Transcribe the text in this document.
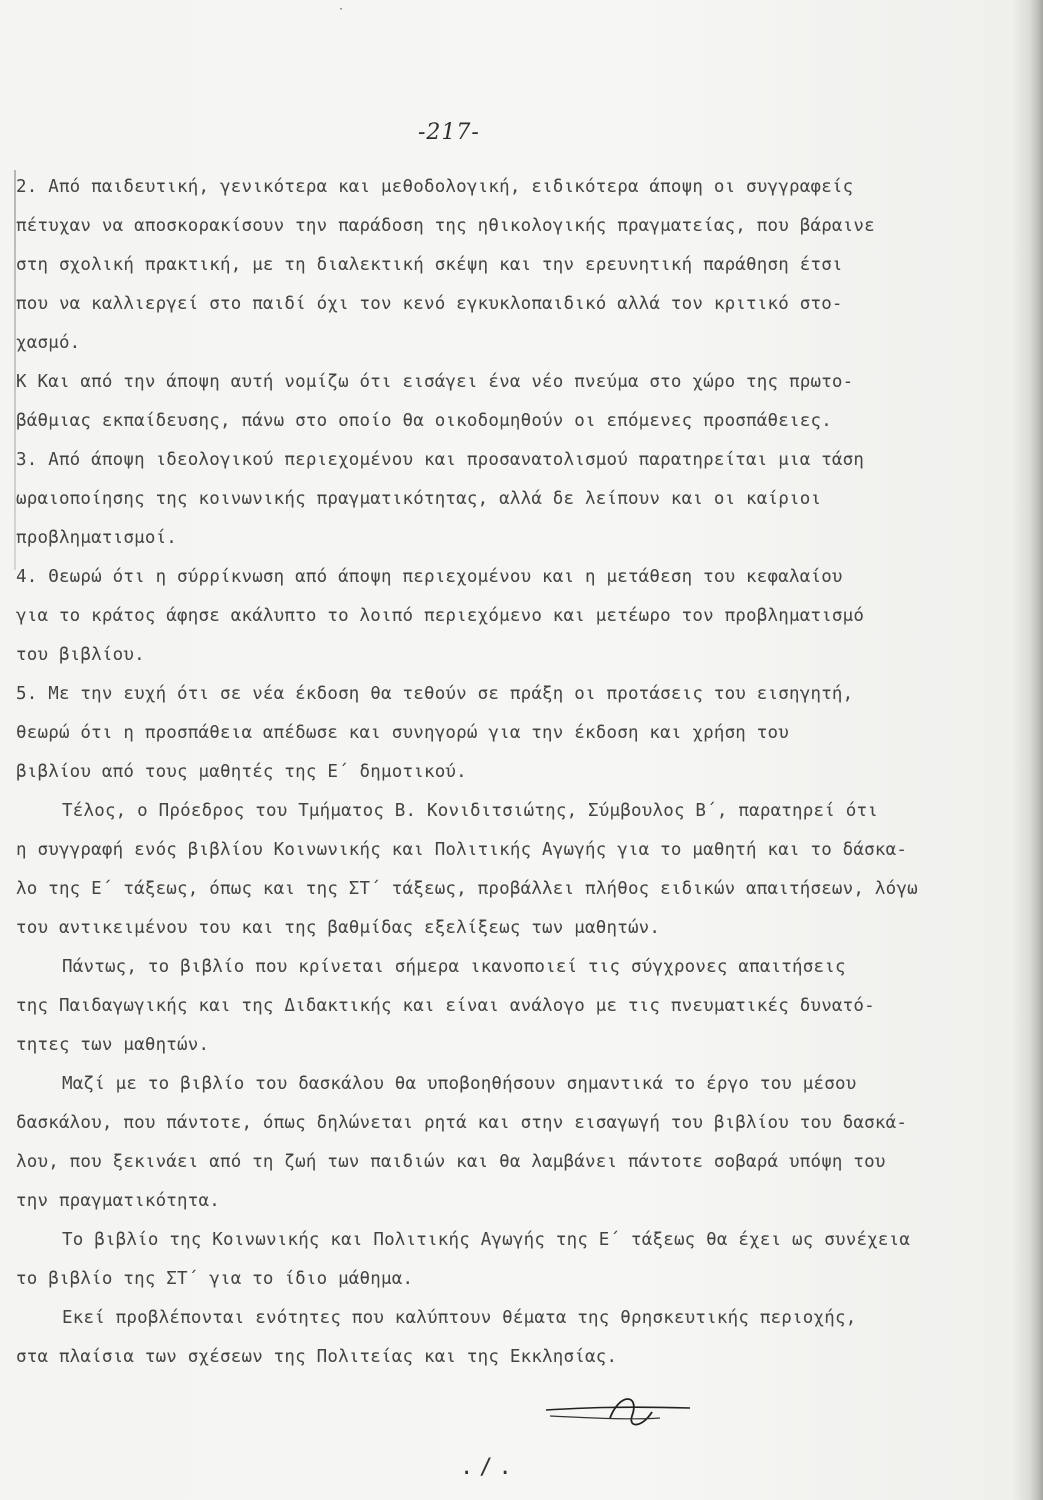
·
-217-
2. Από παιδευτική, γενικότερα και μεθοδολογική, ειδικότερα άποψη οι συγγραφείς
πέτυχαν να αποσκορακίσουν την παράδοση της ηθικολογικής πραγματείας, που βάραινε
στη σχολική πρακτική, με τη διαλεκτική σκέψη και την ερευνητική παράθηση έτσι
που να καλλιεργεί στο παιδί όχι τον κενό εγκυκλοπαιδικό αλλά τον κριτικό στο-
χασμό.
Κ Και από την άποψη αυτή νομίζω ότι εισάγει ένα νέο πνεύμα στο χώρο της πρωτο-
βάθμιας εκπαίδευσης, πάνω στο οποίο θα οικοδομηθούν οι επόμενες προσπάθειες.
3. Από άποψη ιδεολογικού περιεχομένου και προσανατολισμού παρατηρείται μια τάση
ωραιοποίησης της κοινωνικής πραγματικότητας, αλλά δε λείπουν και οι καίριοι
προβληματισμοί.
4. Θεωρώ ότι η σύρρίκνωση από άποψη περιεχομένου και η μετάθεση του κεφαλαίου
για το κράτος άφησε ακάλυπτο το λοιπό περιεχόμενο και μετέωρο τον προβληματισμό
του βιβλίου.
5. Με την ευχή ότι σε νέα έκδοση θα τεθούν σε πράξη οι προτάσεις του εισηγητή,
θεωρώ ότι η προσπάθεια απέδωσε και συνηγορώ για την έκδοση και χρήση του
βιβλίου από τους μαθητές της Ε΄ δημοτικού.
Τέλος, ο Πρόεδρος του Τμήματος Β. Κονιδιτσιώτης, Σύμβουλος Β΄, παρατηρεί ότι
η συγγραφή ενός βιβλίου Κοινωνικής και Πολιτικής Αγωγής για το μαθητή και το δάσκα-
λο της Ε΄ τάξεως, όπως και της ΣΤ΄ τάξεως, προβάλλει πλήθος ειδικών απαιτήσεων, λόγω
του αντικειμένου του και της βαθμίδας εξελίξεως των μαθητών.
Πάντως, το βιβλίο που κρίνεται σήμερα ικανοποιεί τις σύγχρονες απαιτήσεις
της Παιδαγωγικής και της Διδακτικής και είναι ανάλογο με τις πνευματικές δυνατό-
τητες των μαθητών.
Μαζί με το βιβλίο του δασκάλου θα υποβοηθήσουν σημαντικά το έργο του μέσου
δασκάλου, που πάντοτε, όπως δηλώνεται ρητά και στην εισαγωγή του βιβλίου του δασκά-
λου, που ξεκινάει από τη ζωή των παιδιών και θα λαμβάνει πάντοτε σοβαρά υπόψη του
την πραγματικότητα.
Το βιβλίο της Κοινωνικής και Πολιτικής Αγωγής της Ε΄ τάξεως θα έχει ως συνέχεια
το βιβλίο της ΣΤ΄ για το ίδιο μάθημα.
Εκεί προβλέπονται ενότητες που καλύπτουν θέματα της θρησκευτικής περιοχής,
στα πλαίσια των σχέσεων της Πολιτείας και της Εκκλησίας.
./.
